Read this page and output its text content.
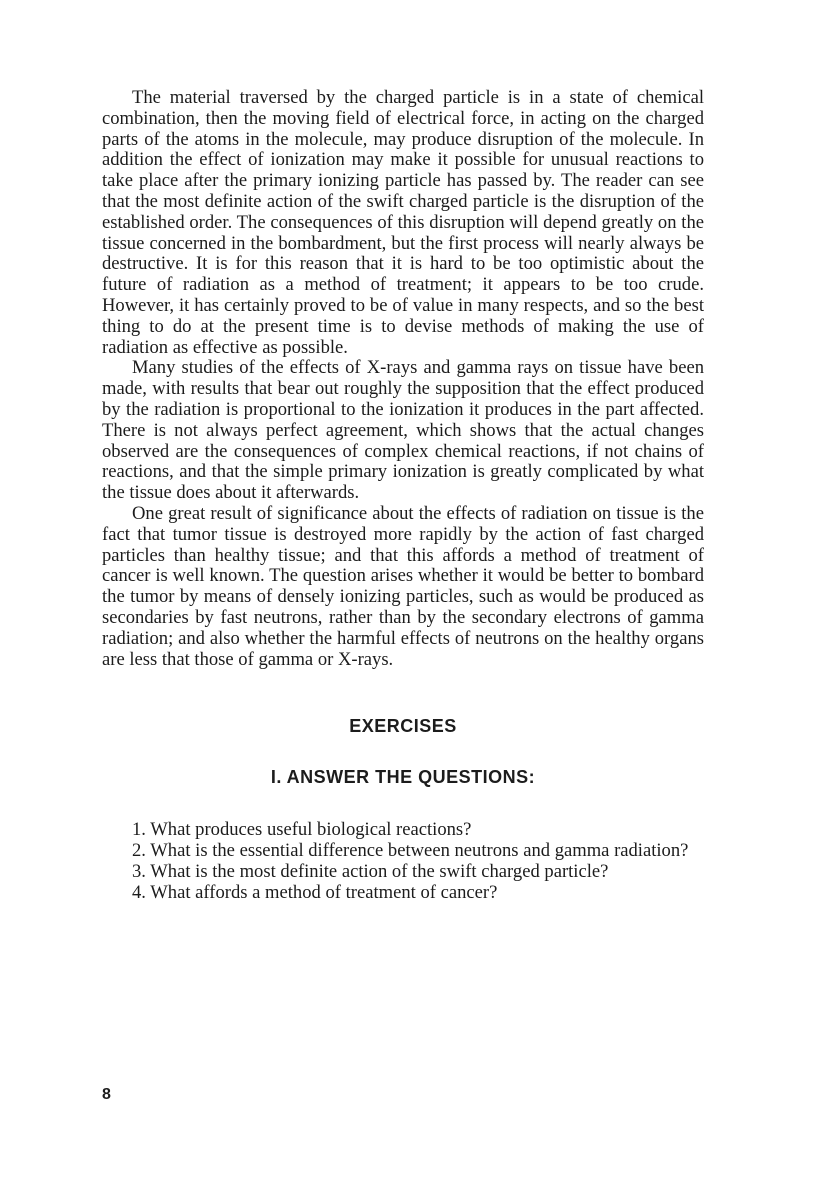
The material traversed by the charged particle is in a state of chemical combination, then the moving field of electrical force, in acting on the charged parts of the atoms in the molecule, may produce disruption of the molecule. In addition the effect of ionization may make it possible for unusual reactions to take place after the primary ionizing particle has passed by. The reader can see that the most definite action of the swift charged particle is the disruption of the established order. The consequences of this disruption will depend greatly on the tissue concerned in the bombardment, but the first process will nearly always be destructive. It is for this reason that it is hard to be too optimistic about the future of radiation as a method of treatment; it appears to be too crude. However, it has certainly proved to be of value in many respects, and so the best thing to do at the present time is to devise methods of making the use of radiation as effective as possible.

Many studies of the effects of X-rays and gamma rays on tissue have been made, with results that bear out roughly the supposition that the effect produced by the radiation is proportional to the ionization it produces in the part affected. There is not always perfect agreement, which shows that the actual changes observed are the consequences of complex chemical reactions, if not chains of reactions, and that the simple primary ionization is greatly complicated by what the tissue does about it afterwards.

One great result of significance about the effects of radiation on tissue is the fact that tumor tissue is destroyed more rapidly by the action of fast charged particles than healthy tissue; and that this affords a method of treatment of cancer is well known. The question arises whether it would be better to bombard the tumor by means of densely ionizing particles, such as would be produced as secondaries by fast neutrons, rather than by the secondary electrons of gamma radiation; and also whether the harmful effects of neutrons on the healthy organs are less that those of gamma or X-rays.

EXERCISES
I. ANSWER THE QUESTIONS:

1. What produces useful biological reactions?

2. What is the essential difference between neutrons and gamma radiation?

3. What is the most definite action of the swift charged particle?

4. What affords a method of treatment of cancer?

8
